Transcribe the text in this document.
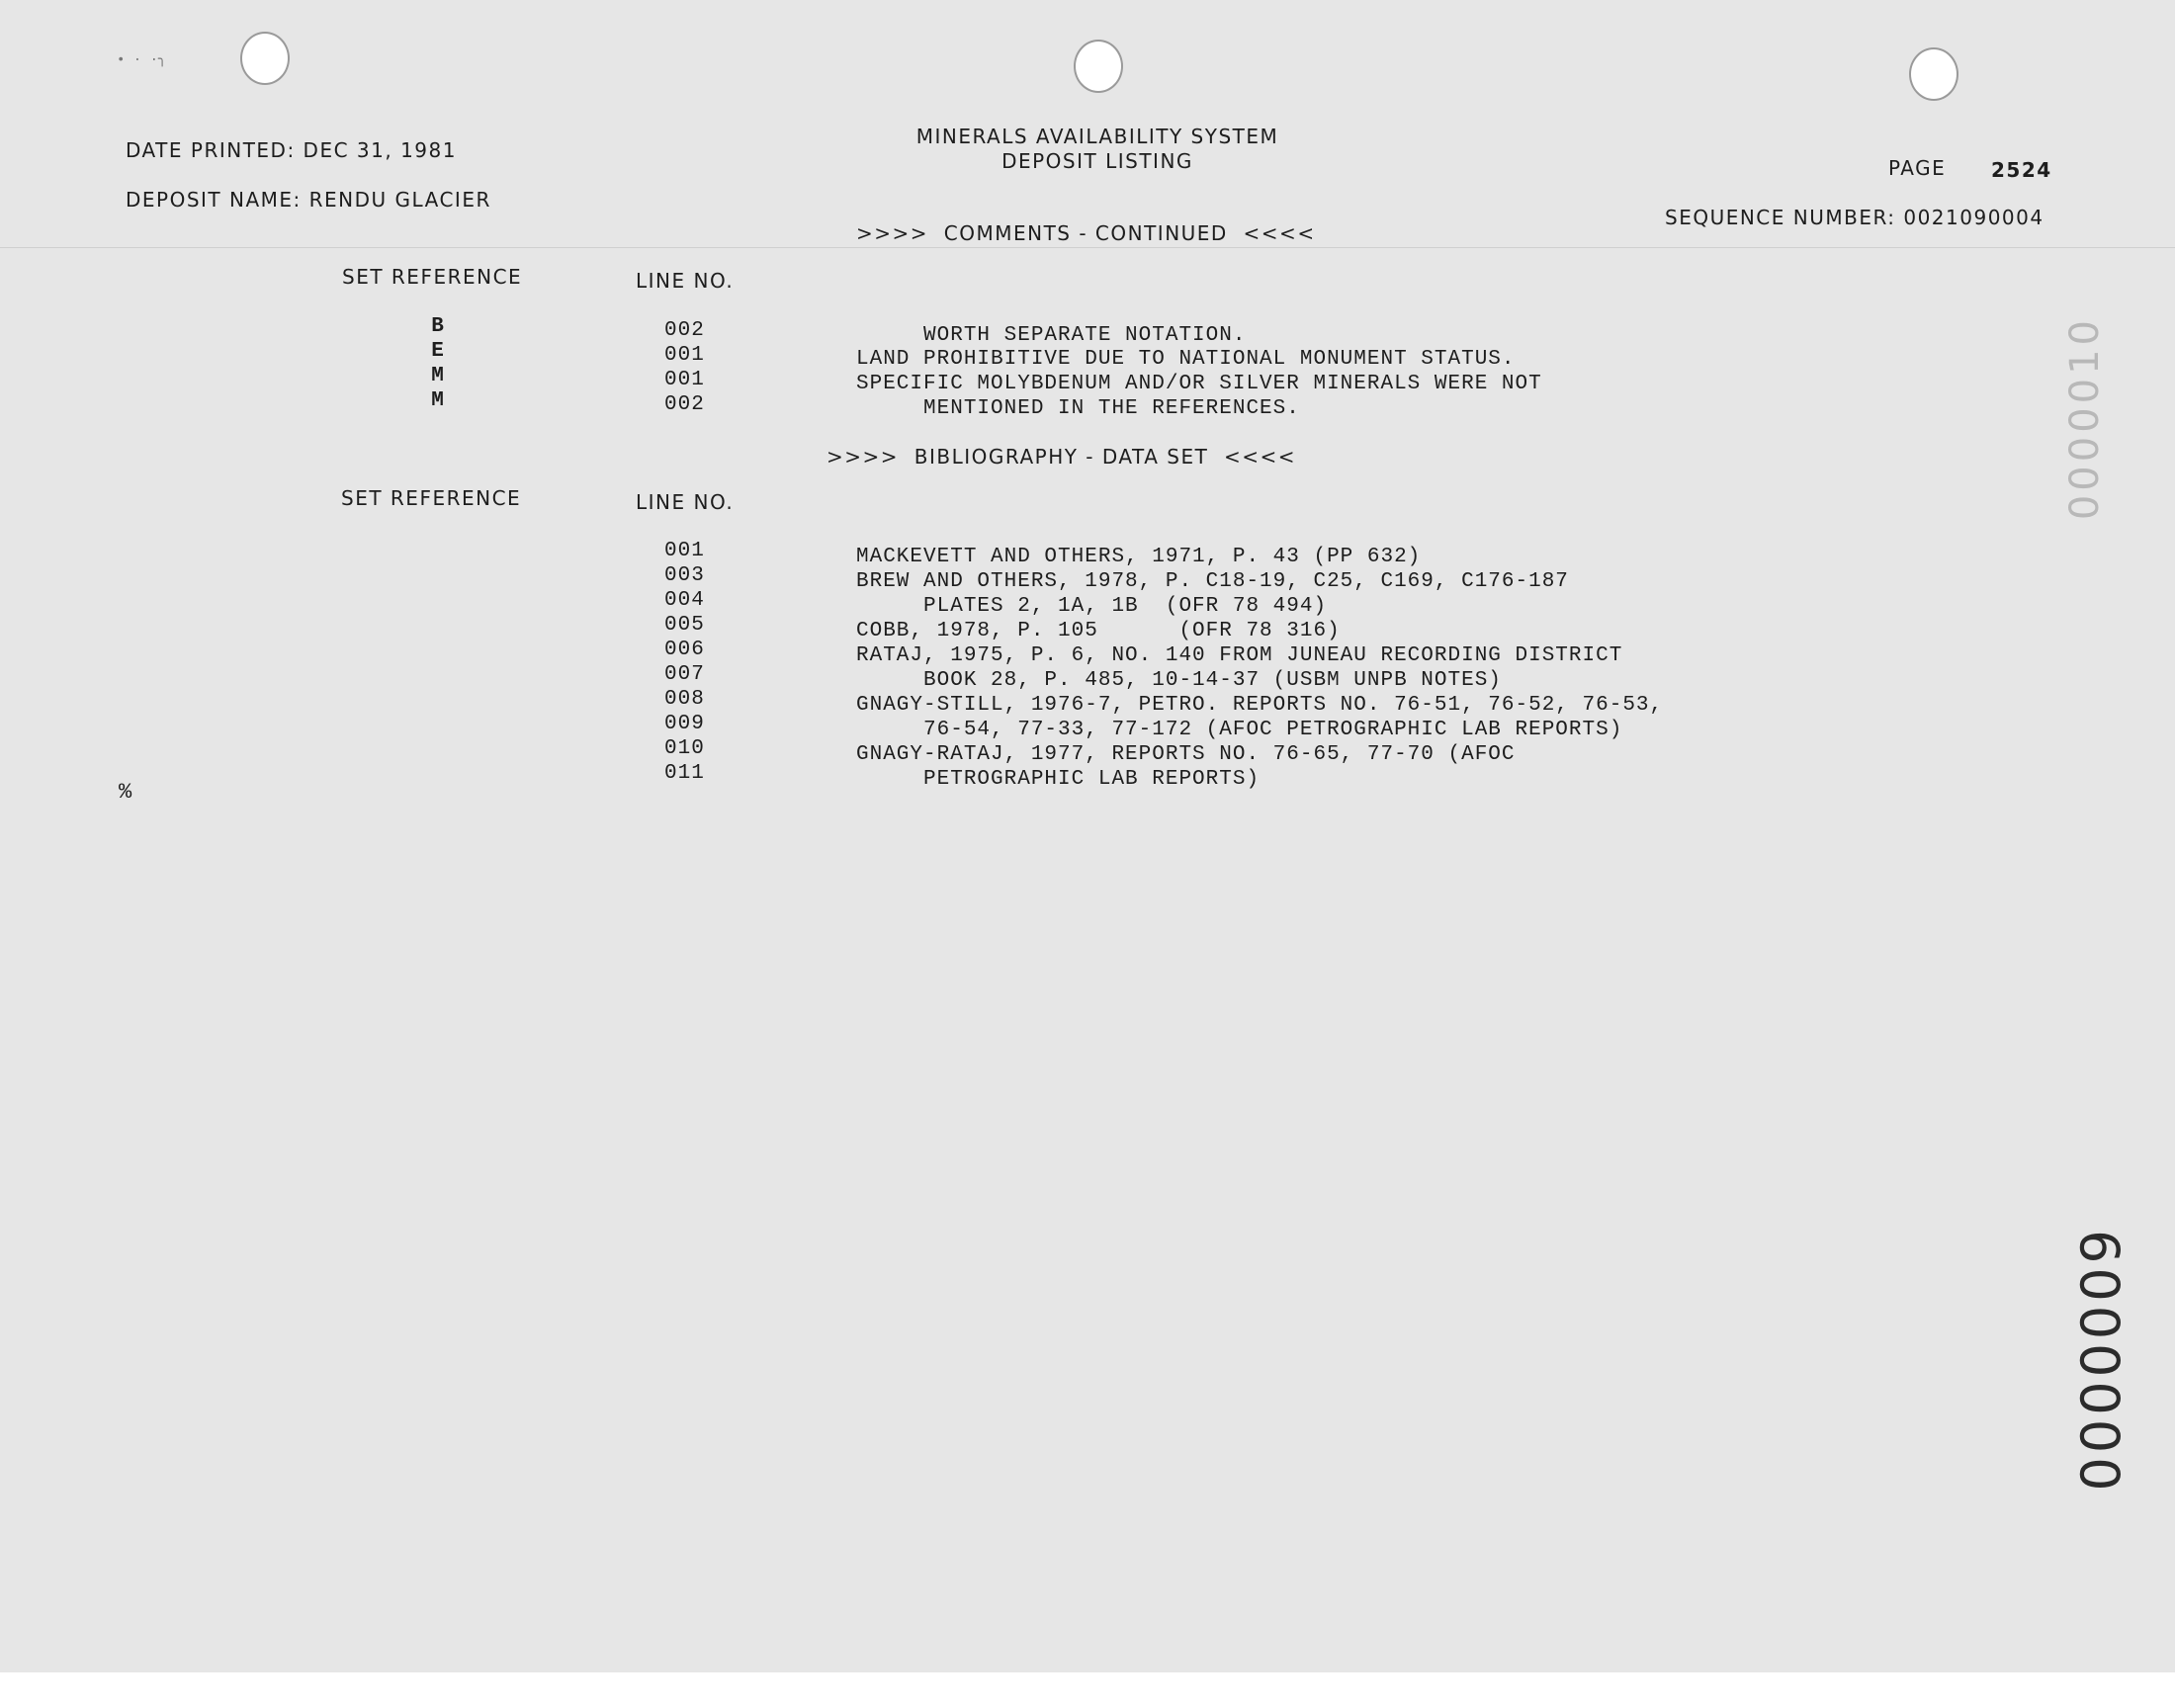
• · ·╮
DATE PRINTED: DEC 31, 1981
DEPOSIT NAME: RENDU GLACIER
MINERALS AVAILABILITY SYSTEM
DEPOSIT LISTING	PAGE 2524
SEQUENCE NUMBER: 0021090004
>>>>  COMMENTS - CONTINUED  <<<<
SET REFERENCE	LINE NO.
B	002	WORTH SEPARATE NOTATION.
E	001	LAND PROHIBITIVE DUE TO NATIONAL MONUMENT STATUS.
M	001	SPECIFIC MOLYBDENUM AND/OR SILVER MINERALS WERE NOT
M	002	MENTIONED IN THE REFERENCES.
>>>>  BIBLIOGRAPHY - DATA SET  <<<<
SET REFERENCE	LINE NO.
001	MACKEVETT AND OTHERS, 1971, P. 43 (PP 632)
003	BREW AND OTHERS, 1978, P. C18-19, C25, C169, C176-187
004	PLATES 2, 1A, 1B  (OFR 78 494)
005	COBB, 1978, P. 105      (OFR 78 316)
006	RATAJ, 1975, P. 6, NO. 140 FROM JUNEAU RECORDING DISTRICT
007	BOOK 28, P. 485, 10-14-37 (USBM UNPB NOTES)
008	GNAGY-STILL, 1976-7, PETRO. REPORTS NO. 76-51, 76-52, 76-53,
009	76-54, 77-33, 77-172 (AFOC PETROGRAPHIC LAB REPORTS)
010	GNAGY-RATAJ, 1977, REPORTS NO. 76-65, 77-70 (AFOC
011	PETROGRAPHIC LAB REPORTS)
%
0000010
0000009
